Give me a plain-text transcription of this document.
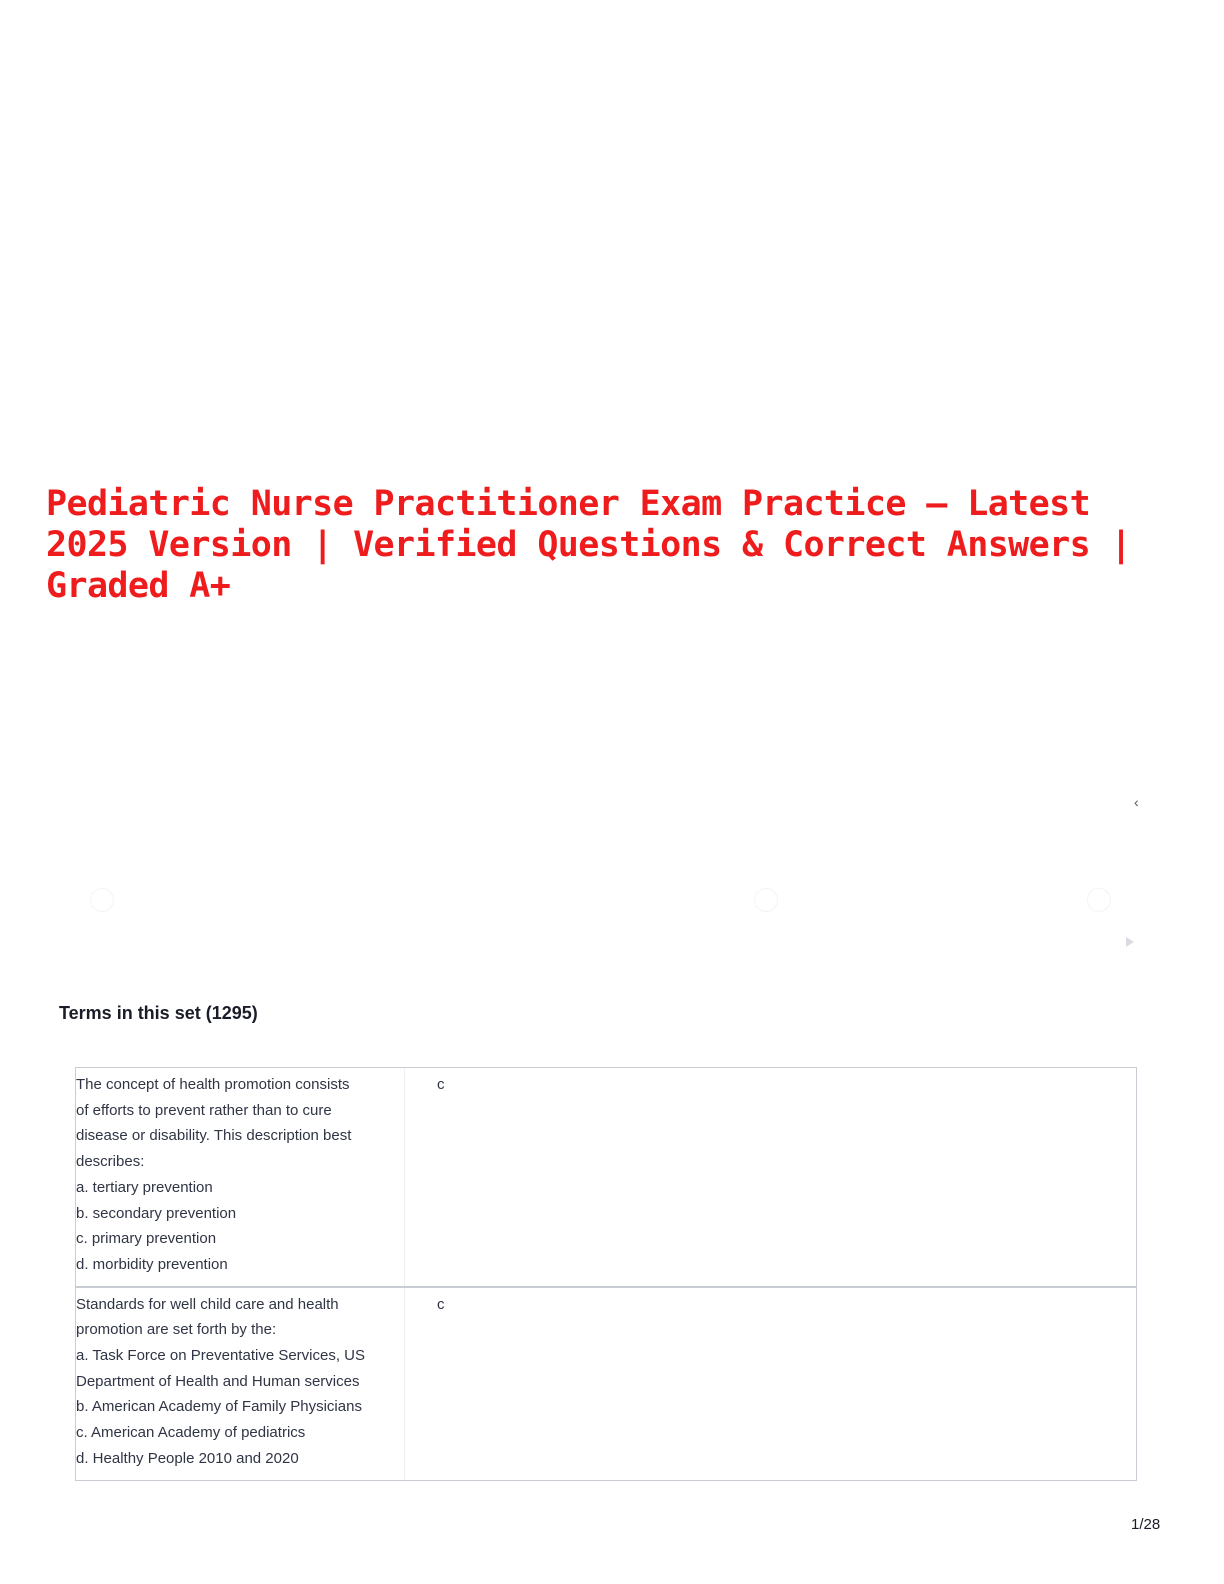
Pediatric Nurse Practitioner Exam Practice – Latest
2025 Version | Verified Questions & Correct Answers |
Graded A+
‹
Terms in this set (1295)
The concept of health promotion consists
of efforts to prevent rather than to cure
disease or disability. This description best
describes:
a. tertiary prevention
b. secondary prevention
c. primary prevention
d. morbidity prevention
c
Standards for well child care and health
promotion are set forth by the:
a. Task Force on Preventative Services, US
Department of Health and Human services
b. American Academy of Family Physicians
c. American Academy of pediatrics
d. Healthy People 2010 and 2020
c
1/28
